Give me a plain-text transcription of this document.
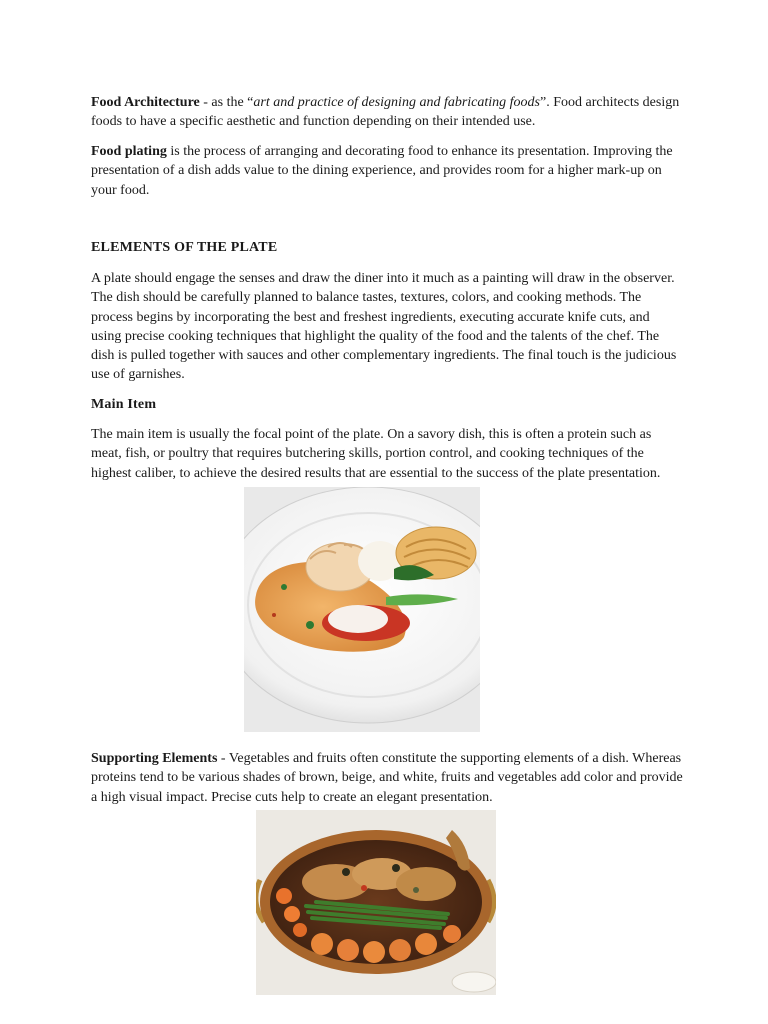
Food Architecture - as the “art and practice of designing and fabricating foods”. Food architects design foods to have a specific aesthetic and function depending on their intended use.

Food plating is the process of arranging and decorating food to enhance its presentation. Improving the presentation of a dish adds value to the dining experience, and provides room for a higher mark-up on your food.

ELEMENTS OF THE PLATE

A plate should engage the senses and draw the diner into it much as a painting will draw in the observer. The dish should be carefully planned to balance tastes, textures, colors, and cooking methods. The process begins by incorporating the best and freshest ingredients, executing accurate knife cuts, and using precise cooking techniques that highlight the quality of the food and the talents of the chef. The dish is pulled together with sauces and other complementary ingredients. The final touch is the judicious use of garnishes.

Main Item

The main item is usually the focal point of the plate. On a savory dish, this is often a protein such as meat, fish, or poultry that requires butchering skills, portion control, and cooking techniques of the highest caliber, to achieve the desired results that are essential to the success of the plate presentation.

Supporting Elements - Vegetables and fruits often constitute the supporting elements of a dish. Whereas proteins tend to be various shades of brown, beige, and white, fruits and vegetables add color and provide a high visual impact. Precise cuts help to create an elegant presentation.
